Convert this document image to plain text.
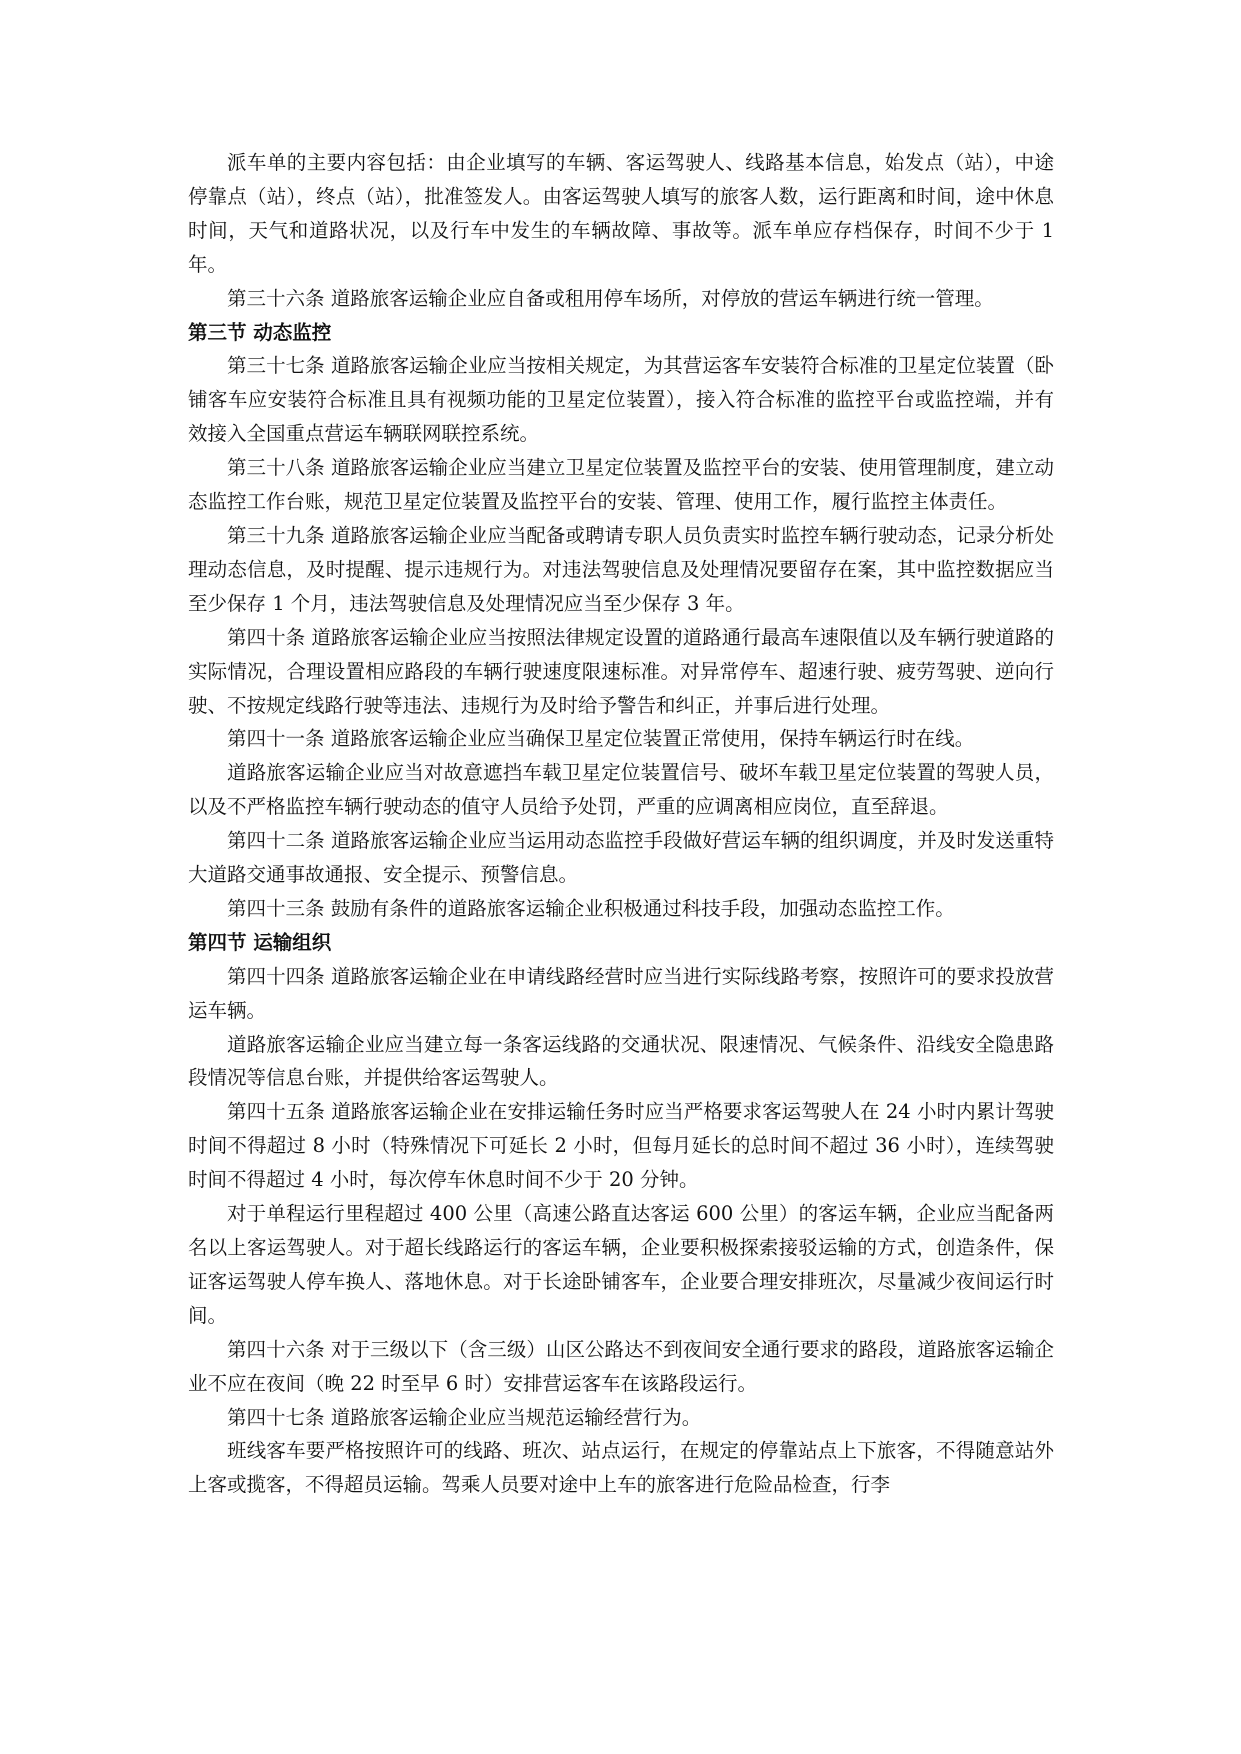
派车单的主要内容包括：由企业填写的车辆、客运驾驶人、线路基本信息，始发点（站），中途停靠点（站），终点（站），批准签发人。由客运驾驶人填写的旅客人数，运行距离和时间，途中休息时间，天气和道路状况，以及行车中发生的车辆故障、事故等。派车单应存档保存，时间不少于 1 年。

第三十六条 道路旅客运输企业应自备或租用停车场所，对停放的营运车辆进行统一管理。

第三节 动态监控

第三十七条 道路旅客运输企业应当按相关规定，为其营运客车安装符合标准的卫星定位装置（卧铺客车应安装符合标准且具有视频功能的卫星定位装置），接入符合标准的监控平台或监控端，并有效接入全国重点营运车辆联网联控系统。

第三十八条 道路旅客运输企业应当建立卫星定位装置及监控平台的安装、使用管理制度，建立动态监控工作台账，规范卫星定位装置及监控平台的安装、管理、使用工作，履行监控主体责任。

第三十九条 道路旅客运输企业应当配备或聘请专职人员负责实时监控车辆行驶动态，记录分析处理动态信息，及时提醒、提示违规行为。对违法驾驶信息及处理情况要留存在案，其中监控数据应当至少保存 1 个月，违法驾驶信息及处理情况应当至少保存 3 年。

第四十条 道路旅客运输企业应当按照法律规定设置的道路通行最高车速限值以及车辆行驶道路的实际情况，合理设置相应路段的车辆行驶速度限速标准。对异常停车、超速行驶、疲劳驾驶、逆向行驶、不按规定线路行驶等违法、违规行为及时给予警告和纠正，并事后进行处理。

第四十一条 道路旅客运输企业应当确保卫星定位装置正常使用，保持车辆运行时在线。

道路旅客运输企业应当对故意遮挡车载卫星定位装置信号、破坏车载卫星定位装置的驾驶人员，以及不严格监控车辆行驶动态的值守人员给予处罚，严重的应调离相应岗位，直至辞退。

第四十二条 道路旅客运输企业应当运用动态监控手段做好营运车辆的组织调度，并及时发送重特大道路交通事故通报、安全提示、预警信息。

第四十三条 鼓励有条件的道路旅客运输企业积极通过科技手段，加强动态监控工作。

第四节 运输组织

第四十四条 道路旅客运输企业在申请线路经营时应当进行实际线路考察，按照许可的要求投放营运车辆。

道路旅客运输企业应当建立每一条客运线路的交通状况、限速情况、气候条件、沿线安全隐患路段情况等信息台账，并提供给客运驾驶人。

第四十五条 道路旅客运输企业在安排运输任务时应当严格要求客运驾驶人在 24 小时内累计驾驶时间不得超过 8 小时（特殊情况下可延长 2 小时，但每月延长的总时间不超过 36 小时），连续驾驶时间不得超过 4 小时，每次停车休息时间不少于 20 分钟。

对于单程运行里程超过 400 公里（高速公路直达客运 600 公里）的客运车辆，企业应当配备两名以上客运驾驶人。对于超长线路运行的客运车辆，企业要积极探索接驳运输的方式，创造条件，保证客运驾驶人停车换人、落地休息。对于长途卧铺客车，企业要合理安排班次，尽量减少夜间运行时间。

第四十六条 对于三级以下（含三级）山区公路达不到夜间安全通行要求的路段，道路旅客运输企业不应在夜间（晚 22 时至早 6 时）安排营运客车在该路段运行。

第四十七条 道路旅客运输企业应当规范运输经营行为。

班线客车要严格按照许可的线路、班次、站点运行，在规定的停靠站点上下旅客，不得随意站外上客或揽客，不得超员运输。驾乘人员要对途中上车的旅客进行危险品检查，行李
